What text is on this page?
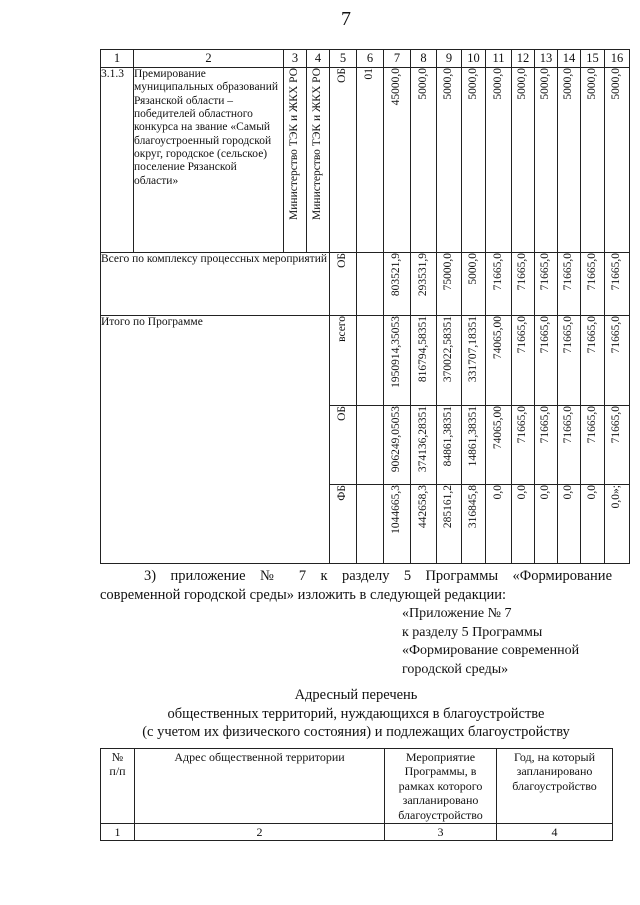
7
1	2	3	4	5	6	7	8	9	10	11	12	13	14	15	16
3.1.3	Премирование муниципальных образований Рязанской области – победителей областного конкурса на звание «Самый благоустроенный городской округ, городское (сельское) поселение Рязанской области»	Министерство ТЭК и ЖКХ РО	Министерство ТЭК и ЖКХ РО	ОБ	01	45000,0	5000,0	5000,0	5000,0	5000,0	5000,0	5000,0	5000,0	5000,0	5000,0

Всего по комплексу процессных мероприятий				ОБ		803521,9	293531,9	75000,0	5000,0	71665,0	71665,0	71665,0	71665,0	71665,0	71665,0

Итого по Программе				всего		1950914,35053	816794,58351	370022,58351	331707,18351	74065,00	71665,0	71665,0	71665,0	71665,0	71665,0

				ОБ		906249,05053	374136,28351	84861,38351	14861,38351	74065,00	71665,0	71665,0	71665,0	71665,0	71665,0

				ФБ		1044665,3	442658,3	285161,2	316845,8	0,0	0,0	0,0	0,0	0,0	0,0»;
3) приложение № 7 к разделу 5 Программы «Формирование
современной городской среды» изложить в следующей редакции:
«Приложение № 7
к разделу 5 Программы
«Формирование современной
городской среды»
Адресный перечень
общественных территорий, нуждающихся в благоустройстве
(с учетом их физического состояния) и подлежащих благоустройству
№
п/п	Адрес общественной территории	Мероприятие Программы, в рамках которого запланировано благоустройство	Год, на который запланировано благоустройство
1	2	3	4
